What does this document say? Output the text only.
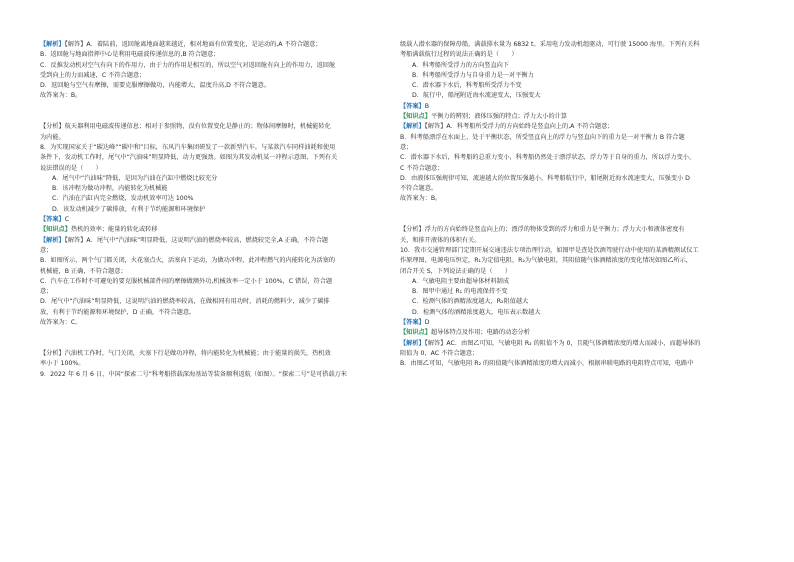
【解析】【解答】A．着陆前，返回舱离地面越来越近，相对地面有位置变化，是运动的,A 不符合题意；
B．返回舱与地面指挥中心是利用电磁波传递信息的,B 符合题意；
C．反推发动机对空气有向下的作用力，由于力的作用是相互的，所以空气对返回舱有向上的作用力，返回舱
受到向上的力而减速，C 不符合题意；
D．返回舱与空气有摩擦，需要克服摩擦做功，内能增大，温度升高,D 不符合题意。
故答案为：B。
【分析】航天器利用电磁波传递信息；相对于参照物，没有位置变化是静止的；物体间摩擦时，机械能转化
为内能。
8．为实现国家关于“碳达峰”“碳中和”目标，东风汽车集团研发了一款新型汽车。与某款汽车同样油耗和使用
条件下，发动机工作时，尾气中“汽油味”明显降低，动力更强劲。如图为其发动机某一冲程示意图，下列有关
说法错误的是（　　）
A．尾气中“汽油味”降低，是因为汽油在汽缸中燃烧比较充分
B．该冲程为做功冲程，内能转化为机械能
C．汽油在汽缸内完全燃烧，发动机效率可达 100%
D．该发动机减少了碳排放，有利于节约能源和环境保护
【答案】C
【知识点】热机的效率；能量的转化或转移
【解析】【解答】A．尾气中“汽油味”明显降低，这说明汽油的燃烧率较高，燃烧较完全,A 正确，不符合题
意；
B．如图所示，两个气门都关闭，火花塞点火，活塞向下运动，为做功冲程，此冲程燃气的内能转化为活塞的
机械能，B 正确，不符合题意；
C．汽车在工作时不可避免的要克服机械部件间的摩擦做额外功,机械效率一定小于 100%，C 错误，符合题
意；
D．尾气中“汽油味”明显降低，这说明汽油的燃烧率较高，在做相同有用功时，消耗的燃料少，减少了碳排
放，有利于节约能源和环境保护，D 正确，不符合题意。
故答案为：C。
【分析】汽油机工作时，气门关闭，火塞下行是做功冲程，将内能转化为机械能；由于能量的损失，热机效
率小于 100%。
9．2022 年 6 月 6 日，中国“探索二号”科考船搭载深海基站等装备顺利返航（如图）。“探索二号”是可搭载万米
级载人潜水器的保障母船，满载排水量为 6832 t。采用电力发动机组驱动，可行驶 15000 海里。下列有关科
考船满载航行过程的说法正确的是（　　）
A．科考船所受浮力的方向竖直向下
B．科考船所受浮力与自身重力是一对平衡力
C．潜水器下水后，科考船所受浮力不变
D．航行中，船尾附近海水流速变大，压强变大
【答案】B
【知识点】平衡力的辨别；液体压强的特点；浮力大小的计算
【解析】【解答】A．科考船所受浮力的方向始终是竖直向上的,A 不符合题意；
B．科考船漂浮在水面上，处于平衡状态，所受竖直向上的浮力与竖直向下的重力是一对平衡力 B 符合题
意；
C．潜水器下水后，科考船的总重力变小，科考船仍然处于漂浮状态，浮力等于自身的重力，所以浮力变小，
C 不符合题意；
D．由液体压强规律可知，流速越大的位置压强越小。科考船航行中，船尾附近海水流速变大，压强变小 D
不符合题意。
故答案为：B。
【分析】浮力的方向始终是竖直向上的；漂浮的物体受到的浮力和重力是平衡力；浮力大小和液体密度有
关，和排开液体的体积有关。
10．我市交通管理部门定期开展交通违法专项治理行动，如图甲是查处饮酒驾驶行动中使用的某酒精测试仪工
作原理图，电源电压恒定，R₁为定值电阻，R₂为气敏电阻，其阻值随气体酒精浓度的变化情况如图乙所示，
闭合开关 S，下列说法正确的是（　　）
A．气敏电阻主要由超导体材料制成
B．图甲中通过 R₁ 的电流保持不变
C．检测气体的酒精浓度越大，R₂阻值越大
D．检测气体的酒精浓度越大，电压表示数越大
【答案】D
【知识点】超导体特点及作用；电路的动态分析
【解析】【解答】AC．由图乙可知，气敏电阻 R₂ 的阻值不为 0，且随气体酒精浓度的增大而减小，而超导体的
阻值为 0，AC 不符合题意；
B．由图乙可知，气敏电阻 R₂ 的阻值随气体酒精浓度的增大而减小，根据串联电路的电阻特点可知，电路中
